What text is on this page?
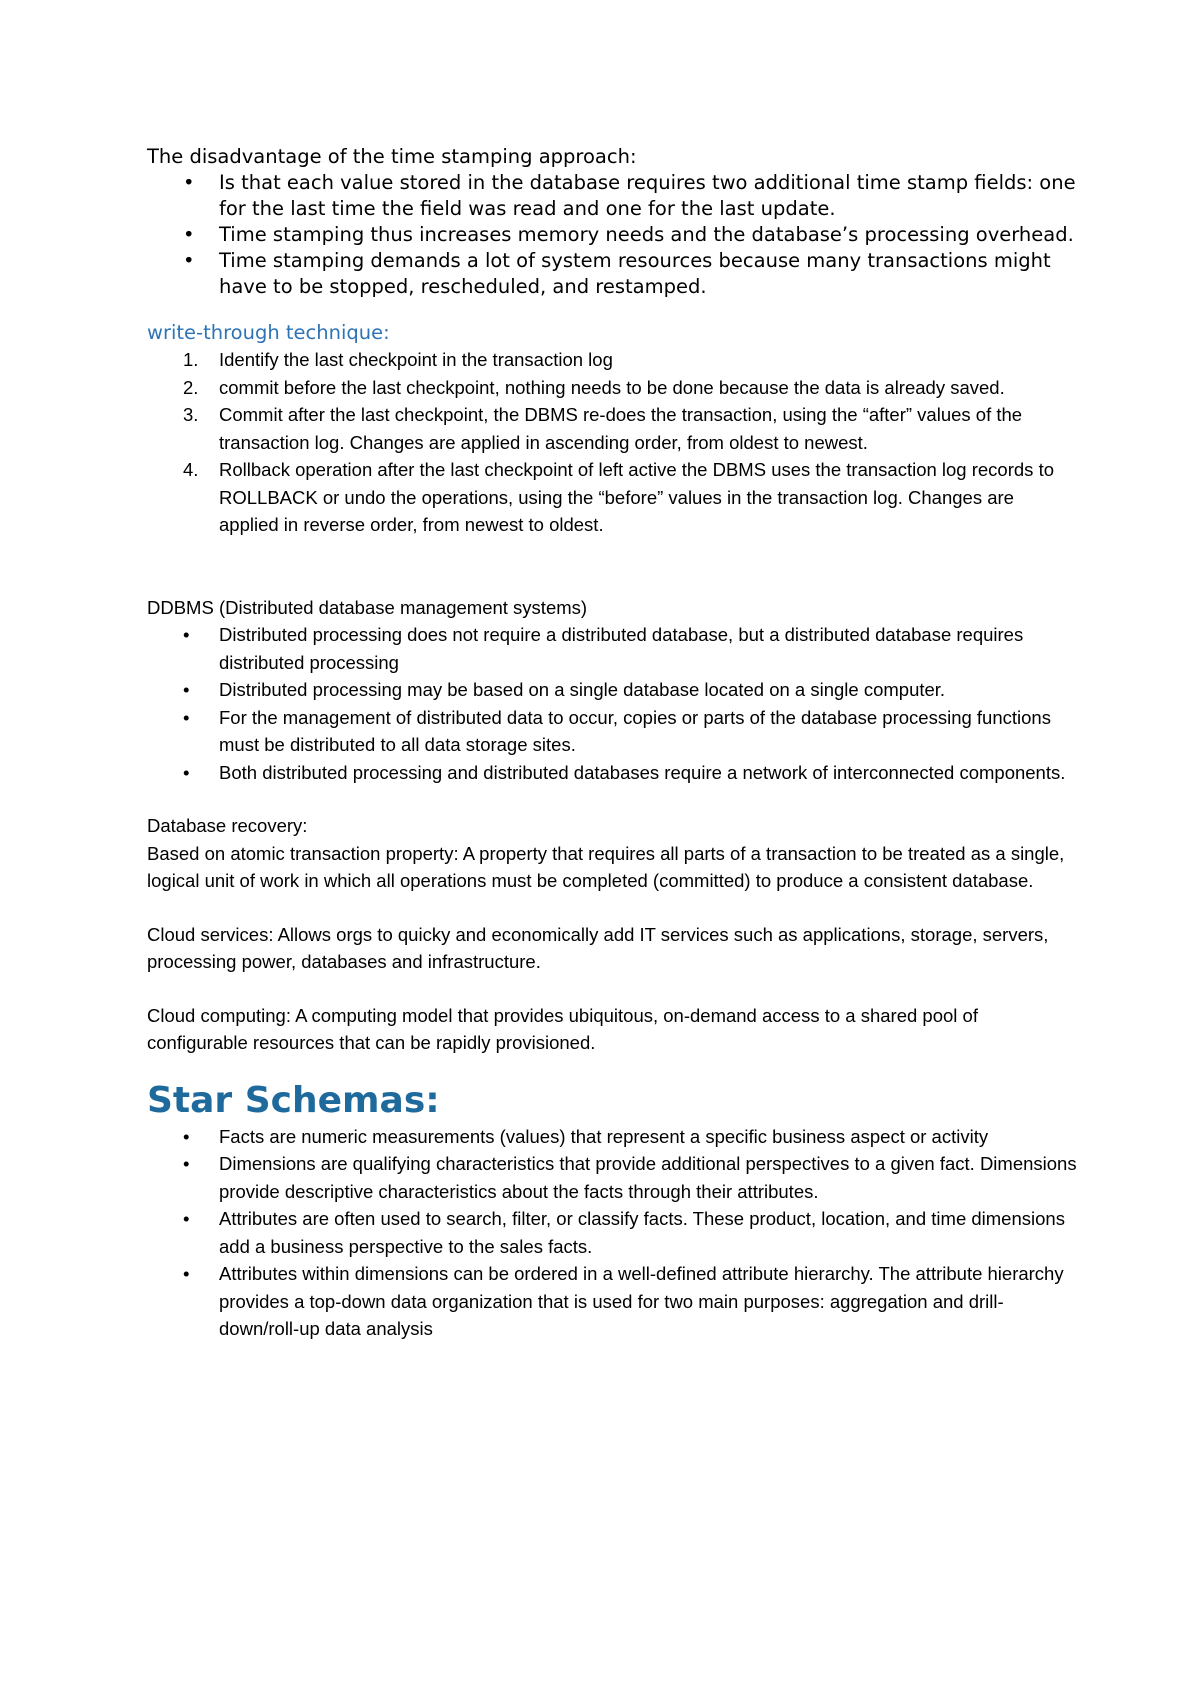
The disadvantage of the time stamping approach:

• Is that each value stored in the database requires two additional time stamp fields: one for the last time the field was read and one for the last update.
• Time stamping thus increases memory needs and the database’s processing overhead.
• Time stamping demands a lot of system resources because many transactions might have to be stopped, rescheduled, and restamped.

write-through technique:

1. Identify the last checkpoint in the transaction log
2. commit before the last checkpoint, nothing needs to be done because the data is already saved.
3. Commit after the last checkpoint, the DBMS re-does the transaction, using the “after” values of the transaction log. Changes are applied in ascending order, from oldest to newest.
4. Rollback operation after the last checkpoint of left active the DBMS uses the transaction log records to ROLLBACK or undo the operations, using the “before” values in the transaction log. Changes are applied in reverse order, from newest to oldest.

DDBMS (Distributed database management systems)

• Distributed processing does not require a distributed database, but a distributed database requires distributed processing
• Distributed processing may be based on a single database located on a single computer.
• For the management of distributed data to occur, copies or parts of the database processing functions must be distributed to all data storage sites.
• Both distributed processing and distributed databases require a network of interconnected components.

Database recovery:

Based on atomic transaction property: A property that requires all parts of a transaction to be treated as a single, logical unit of work in which all operations must be completed (committed) to produce a consistent database.

Cloud services: Allows orgs to quicky and economically add IT services such as applications, storage, servers, processing power, databases and infrastructure.

Cloud computing: A computing model that provides ubiquitous, on-demand access to a shared pool of configurable resources that can be rapidly provisioned.

Star Schemas:

• Facts are numeric measurements (values) that represent a specific business aspect or activity
• Dimensions are qualifying characteristics that provide additional perspectives to a given fact. Dimensions provide descriptive characteristics about the facts through their attributes.
• Attributes are often used to search, filter, or classify facts. These product, location, and time dimensions add a business perspective to the sales facts.
• Attributes within dimensions can be ordered in a well-defined attribute hierarchy. The attribute hierarchy provides a top-down data organization that is used for two main purposes: aggregation and drill-down/roll-up data analysis
